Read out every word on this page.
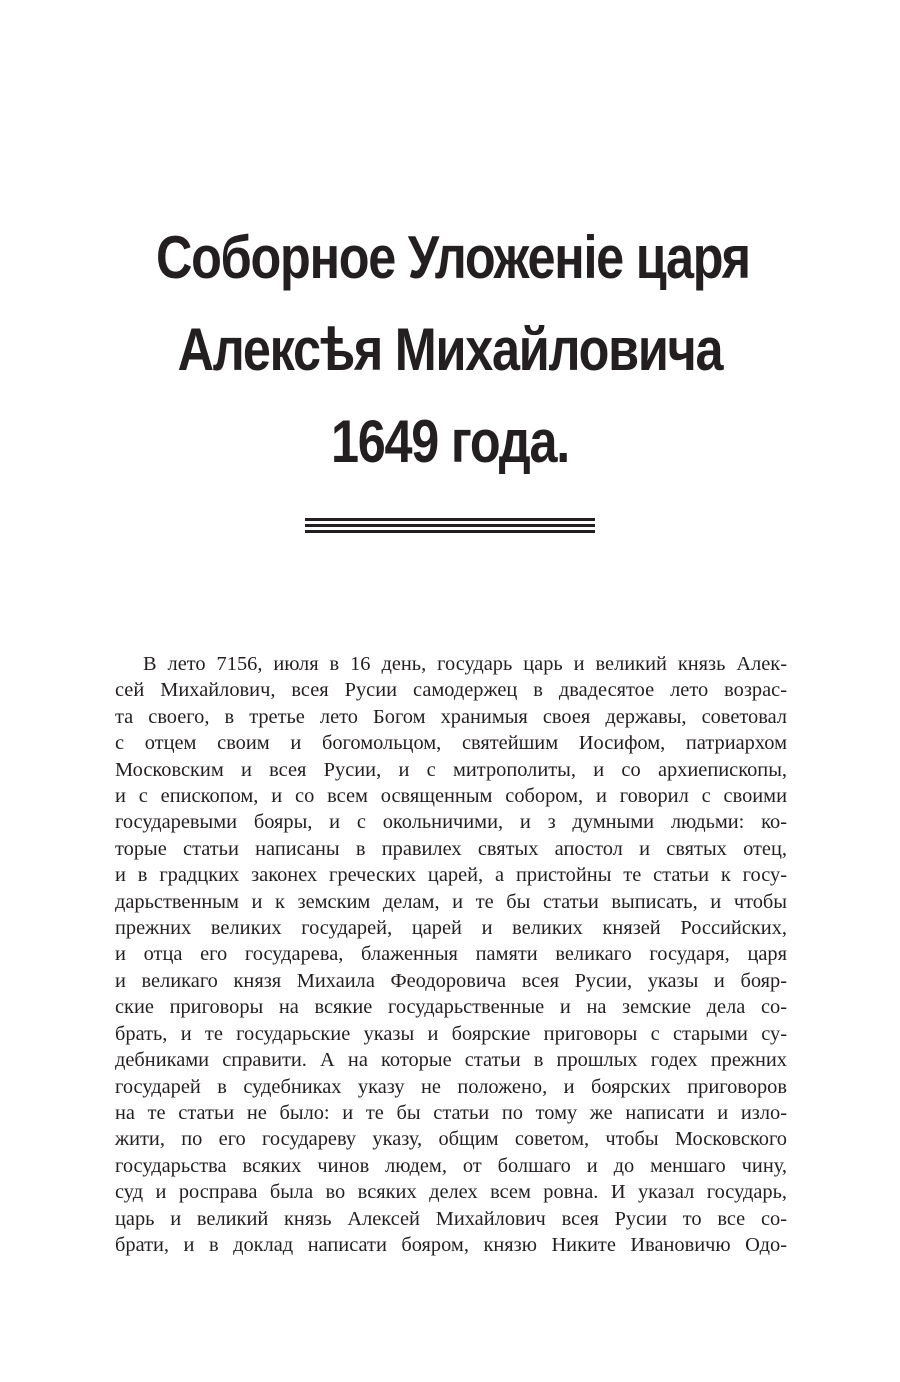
Соборное Уложенiе царя
Алексѣя Михайловича
1649 года.
В лето 7156, июля в 16 день, государь царь и великий князь Алек-
сей Михайлович, всея Русии самодержец в двадесятое лето возрас-
та своего, в третье лето Богом хранимыя своея державы, советовал
с отцем своим и богомольцом, святейшим Иосифом, патриархом
Московским и всея Русии, и с митрополиты, и со архиепископы,
и с епископом, и со всем освященным собором, и говорил с своими
государевыми бояры, и с окольничими, и з думными людьми: ко-
торые статьи написаны в правилех святых апостол и святых отец,
и в градцких законех греческих царей, а пристойны те статьи к госу-
дарьственным и к земским делам, и те бы статьи выписать, и чтобы
прежних великих государей, царей и великих князей Российских,
и отца его государева, блаженныя памяти великаго государя, царя
и великаго князя Михаила Феодоровича всея Русии, указы и бояр-
ские приговоры на всякие государьственные и на земские дела со-
брать, и те государьские указы и боярские приговоры с старыми су-
дебниками справити. А на которые статьи в прошлых годех прежних
государей в судебниках указу не положено, и боярских приговоров
на те статьи не было: и те бы статьи по тому же написати и изло-
жити, по его государеву указу, общим советом, чтобы Московского
государьства всяких чинов людем, от болшаго и до меншаго чину,
суд и росправа была во всяких делех всем ровна. И указал государь,
царь и великий князь Алексей Михайлович всея Русии то все со-
брати, и в доклад написати бояром, князю Никите Ивановичю Одо-
